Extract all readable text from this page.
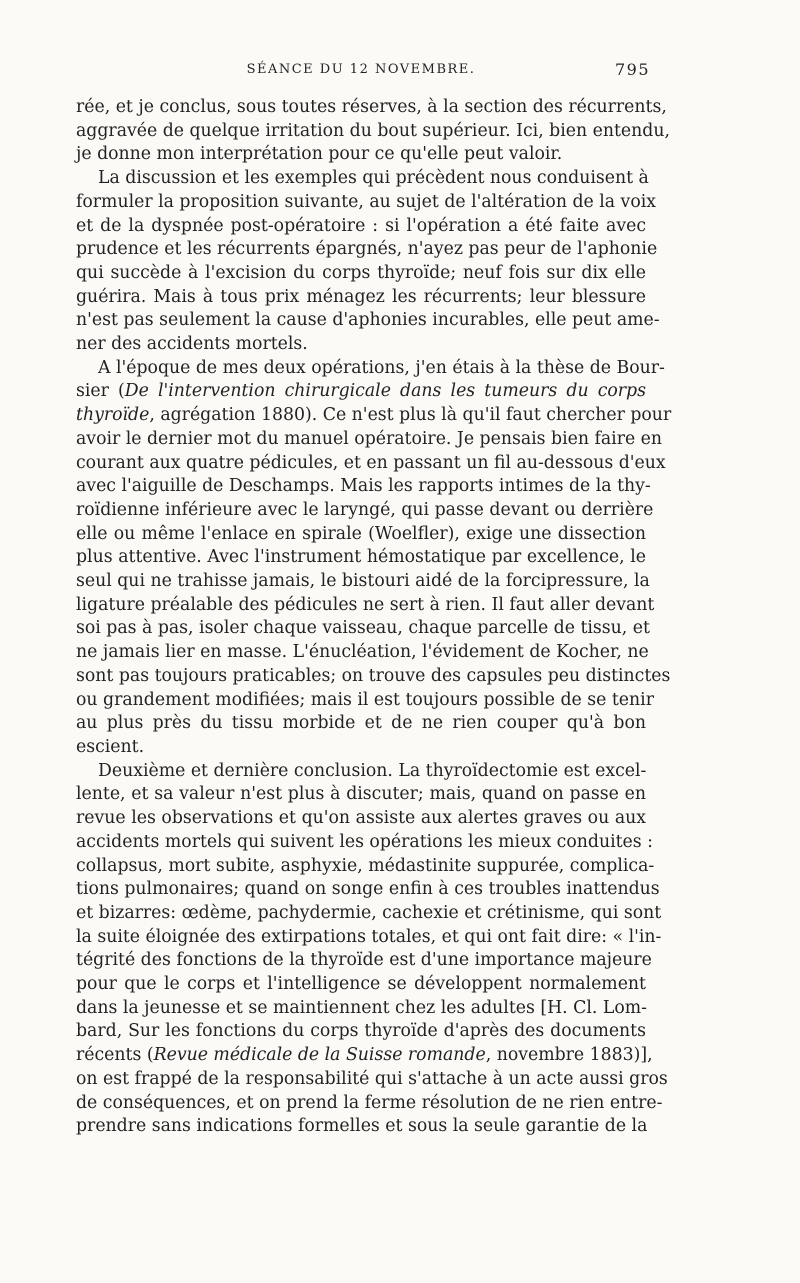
SÉANCE DU 12 NOVEMBRE.	795
rée, et je conclus, sous toutes réserves, à la section des récurrents,
aggravée de quelque irritation du bout supérieur. Ici, bien entendu,
je donne mon interprétation pour ce qu'elle peut valoir.
La discussion et les exemples qui précèdent nous conduisent à
formuler la proposition suivante, au sujet de l'altération de la voix
et de la dyspnée post-opératoire : si l'opération a été faite avec
prudence et les récurrents épargnés, n'ayez pas peur de l'aphonie
qui succède à l'excision du corps thyroïde; neuf fois sur dix elle
guérira. Mais à tous prix ménagez les récurrents; leur blessure
n'est pas seulement la cause d'aphonies incurables, elle peut ame-
ner des accidents mortels.
A l'époque de mes deux opérations, j'en étais à la thèse de Bour-
sier (De l'intervention chirurgicale dans les tumeurs du corps
thyroïde, agrégation 1880). Ce n'est plus là qu'il faut chercher pour
avoir le dernier mot du manuel opératoire. Je pensais bien faire en
courant aux quatre pédicules, et en passant un fil au-dessous d'eux
avec l'aiguille de Deschamps. Mais les rapports intimes de la thy-
roïdienne inférieure avec le laryngé, qui passe devant ou derrière
elle ou même l'enlace en spirale (Woelfler), exige une dissection
plus attentive. Avec l'instrument hémostatique par excellence, le
seul qui ne trahisse jamais, le bistouri aidé de la forcipressure, la
ligature préalable des pédicules ne sert à rien. Il faut aller devant
soi pas à pas, isoler chaque vaisseau, chaque parcelle de tissu, et
ne jamais lier en masse. L'énucléation, l'évidement de Kocher, ne
sont pas toujours praticables; on trouve des capsules peu distinctes
ou grandement modifiées; mais il est toujours possible de se tenir
au plus près du tissu morbide et de ne rien couper qu'à bon
escient.
Deuxième et dernière conclusion. La thyroïdectomie est excel-
lente, et sa valeur n'est plus à discuter; mais, quand on passe en
revue les observations et qu'on assiste aux alertes graves ou aux
accidents mortels qui suivent les opérations les mieux conduites :
collapsus, mort subite, asphyxie, médastinite suppurée, complica-
tions pulmonaires; quand on songe enfin à ces troubles inattendus
et bizarres: œdème, pachydermie, cachexie et crétinisme, qui sont
la suite éloignée des extirpations totales, et qui ont fait dire: « l'in-
tégrité des fonctions de la thyroïde est d'une importance majeure
pour que le corps et l'intelligence se développent normalement
dans la jeunesse et se maintiennent chez les adultes [H. Cl. Lom-
bard, Sur les fonctions du corps thyroïde d'après des documents
récents (Revue médicale de la Suisse romande, novembre 1883)],
on est frappé de la responsabilité qui s'attache à un acte aussi gros
de conséquences, et on prend la ferme résolution de ne rien entre-
prendre sans indications formelles et sous la seule garantie de la
